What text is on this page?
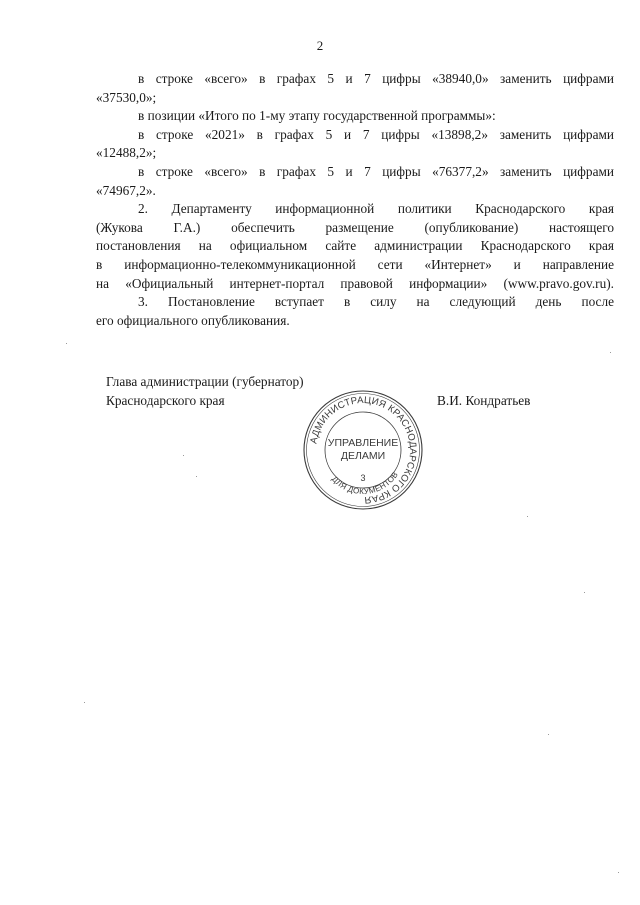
2

в строке «всего» в графах 5 и 7 цифры «38940,0» заменить цифрами

«37530,0»;

в позиции «Итого по 1-му этапу государственной программы»:

в строке «2021» в графах 5 и 7 цифры «13898,2» заменить цифрами

«12488,2»;

в строке «всего» в графах 5 и 7 цифры «76377,2» заменить цифрами

«74967,2».

2. Департаменту информационной политики Краснодарского края

(Жукова Г.А.) обеспечить размещение (опубликование) настоящего

постановления на официальном сайте администрации Краснодарского края

в информационно-телекоммуникационной сети «Интернет» и направление

на «Официальный интернет-портал правовой информации» (www.pravo.gov.ru).

3. Постановление вступает в силу на следующий день после

его официального опубликования.

Глава администрации (губернатор)

Краснодарского края	В.И. Кондратьев
АДМИНИСТРАЦИЯ КРАСНОДАРСКОГО КРАЯ
ДЛЯ ДОКУМЕНТОВ
УПРАВЛЕНИЕ
ДЕЛАМИ
3
